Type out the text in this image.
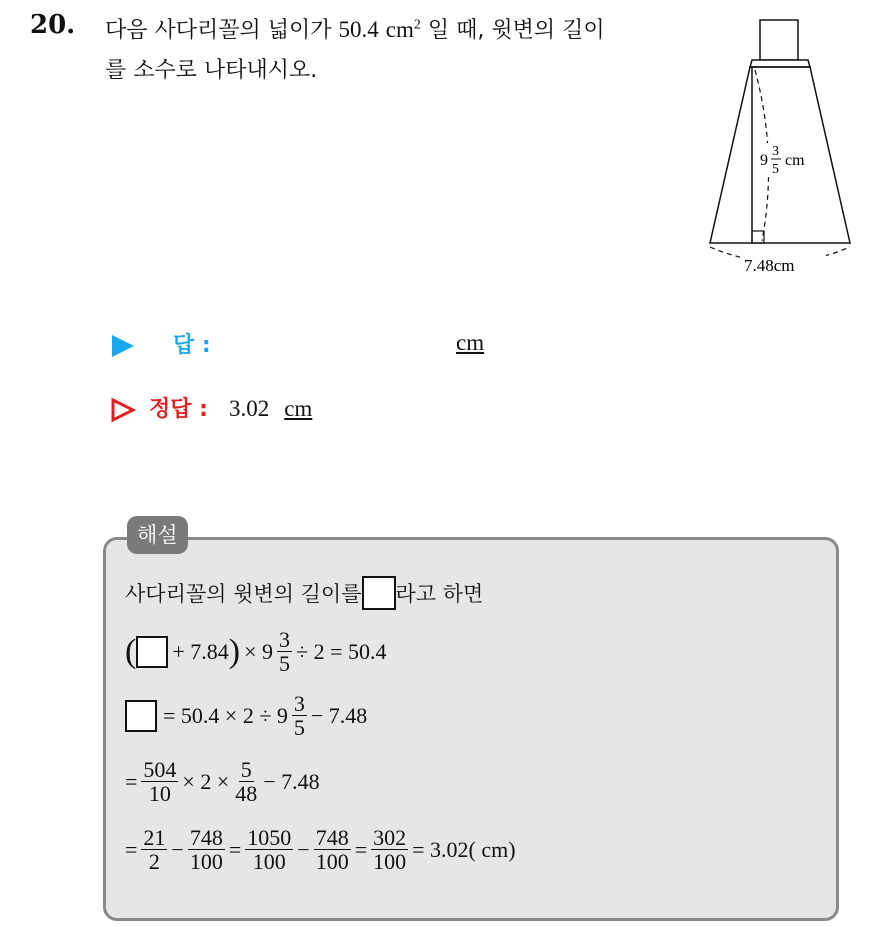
20. 다음 사다리꼴의 넓이가 50.4 $cm^2$ 일 때, 윗변의 길이
를 소수로 나타내시오.
9
3
5
cm
7.48cm
답 :	cm
정답 : 3.02 cm
해설
사다리꼴의 윗변의 길이를 라고 하면
( + 7.84 ) × $9 \frac{3}{5} \div 2 = 50.4$
= $50.4 \times 2 \div 9 \frac{3}{5} - 7.48$
= $\frac{504}{10} \times 2 \times \frac{5}{48} - 7.48$
= $\frac{21}{2} - \frac{748}{100} = \frac{1050}{100} - \frac{748}{100} = \frac{302}{100} = 3.02$( cm)
